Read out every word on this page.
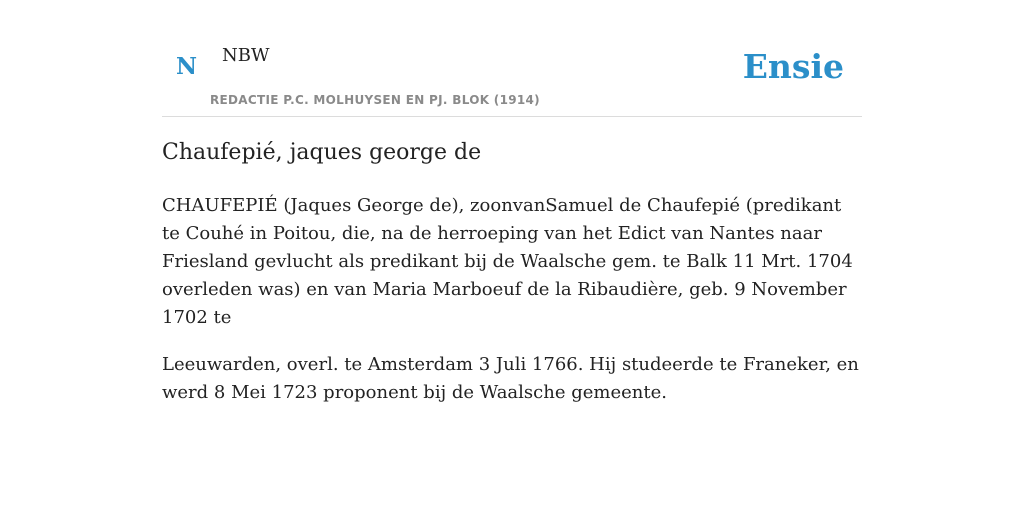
N NBW
REDACTIE P.C. MOLHUYSEN EN PJ. BLOK (1914)
Ensie
Chaufepié, jaques george de

CHAUFEPIÉ (Jaques George de), zoonvanSamuel de Chaufepié (predikant te Couhé in Poitou, die, na de herroeping van het Edict van Nantes naar Friesland gevlucht als predikant bij de Waalsche gem. te Balk 11 Mrt. 1704 overleden was) en van Maria Marboeuf de la Ribaudière, geb. 9 November 1702 te

Leeuwarden, overl. te Amsterdam 3 Juli 1766. Hij studeerde te Franeker, en werd 8 Mei 1723 proponent bij de Waalsche gemeente.
